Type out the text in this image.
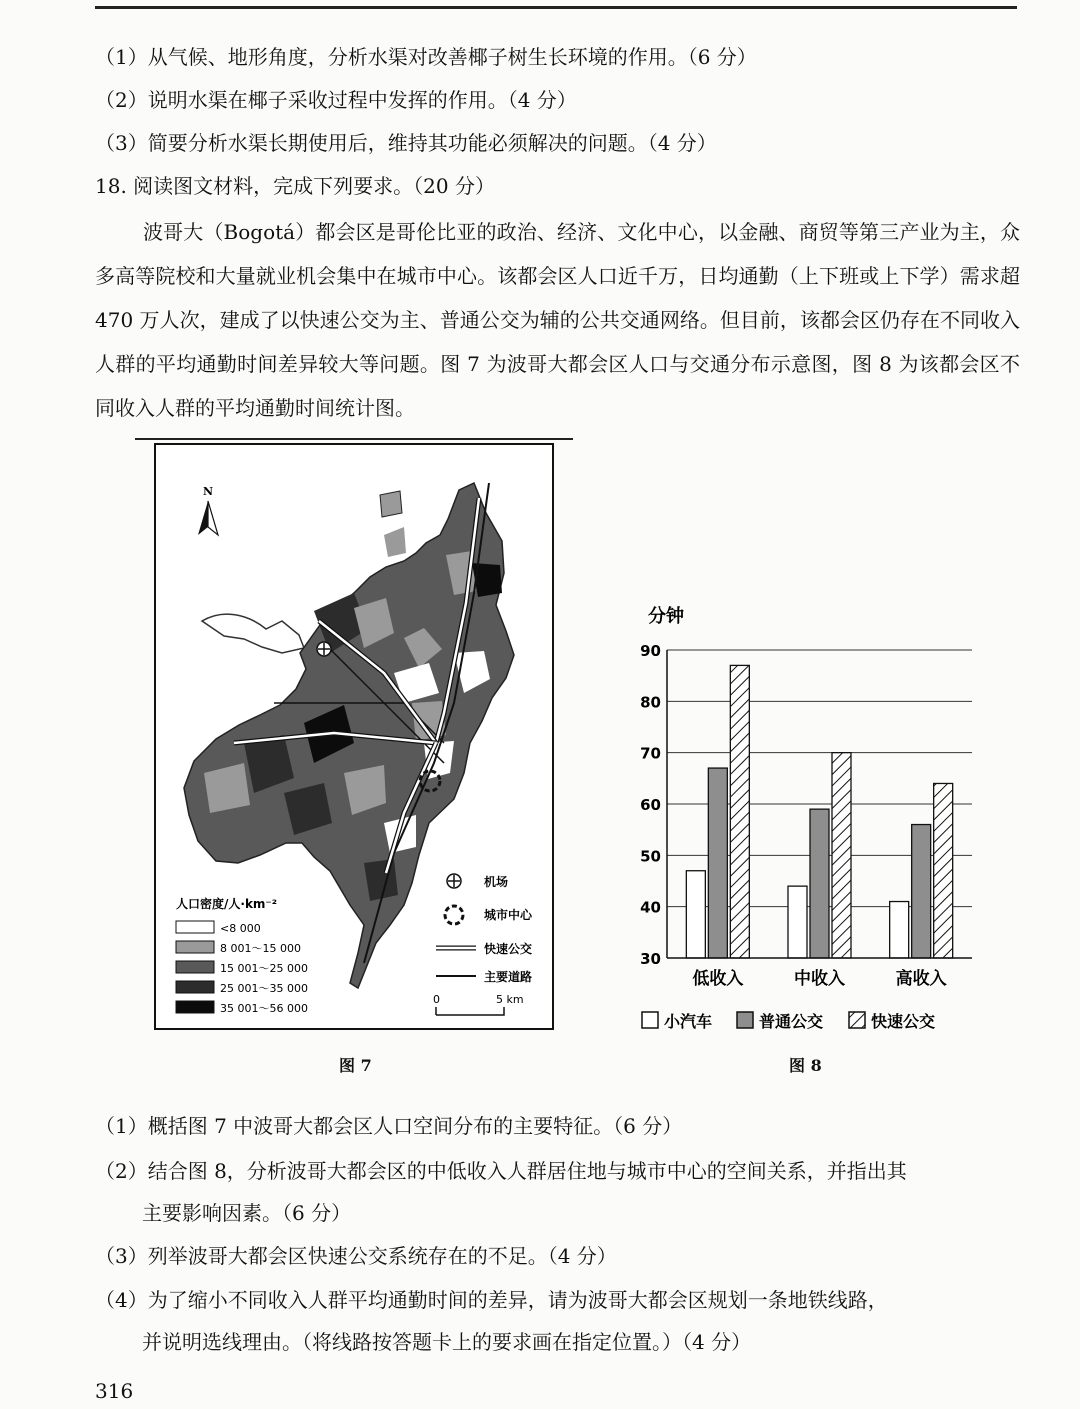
（1）从气候、地形角度，分析水渠对改善椰子树生长环境的作用。（6 分）
（2）说明水渠在椰子采收过程中发挥的作用。（4 分）
（3）简要分析水渠长期使用后，维持其功能必须解决的问题。（4 分）
18. 阅读图文材料，完成下列要求。（20 分）

波哥大（Bogotá）都会区是哥伦比亚的政治、经济、文化中心，以金融、商贸等第三产业为主，众多高等院校和大量就业机会集中在城市中心。该都会区人口近千万，日均通勤（上下班或上下学）需求超 470 万人次，建成了以快速公交为主、普通公交为辅的公共交通网络。但目前，该都会区仍存在不同收入人群的平均通勤时间差异较大等问题。图 7 为波哥大都会区人口与交通分布示意图，图 8 为该都会区不同收入人群的平均通勤时间统计图。

N
人口密度/人·km⁻²
<8 000
8 001～15 000
15 001～25 000
25 001～35 000
35 001～56 000
机场
城市中心
快速公交
主要道路
0	5 km
图 7
30
40
50
60
70
80
90
低收入	中收入	高收入
分钟
小汽车	普通公交	快速公交
图 8
（1）概括图 7 中波哥大都会区人口空间分布的主要特征。（6 分）
（2）结合图 8，分析波哥大都会区的中低收入人群居住地与城市中心的空间关系，并指出其
主要影响因素。（6 分）
（3）列举波哥大都会区快速公交系统存在的不足。（4 分）
（4）为了缩小不同收入人群平均通勤时间的差异，请为波哥大都会区规划一条地铁线路，
并说明选线理由。（将线路按答题卡上的要求画在指定位置。）（4 分）
316
